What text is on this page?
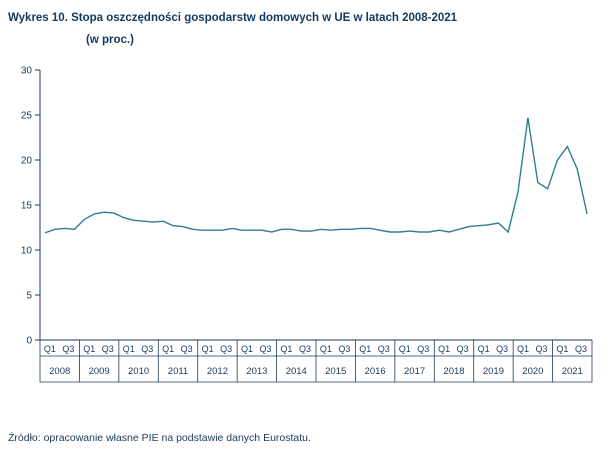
Wykres 10. Stopa oszczędności gospodarstw domowych w UE w latach 2008-2021
(w proc.)
0
5
10
15
20
25
30
Q1 Q3
2008
Q1 Q3
2009
Q1 Q3
2010
Q1 Q3
2011
Q1 Q3
2012
Q1 Q3
2013
Q1 Q3
2014
Q1 Q3
2015
Q1 Q3
2016
Q1 Q3
2017
Q1 Q3
2018
Q1 Q3
2019
Q1 Q3
2020
Q1 Q3
2021
Źródło: opracowanie własne PIE na podstawie danych Eurostatu.
